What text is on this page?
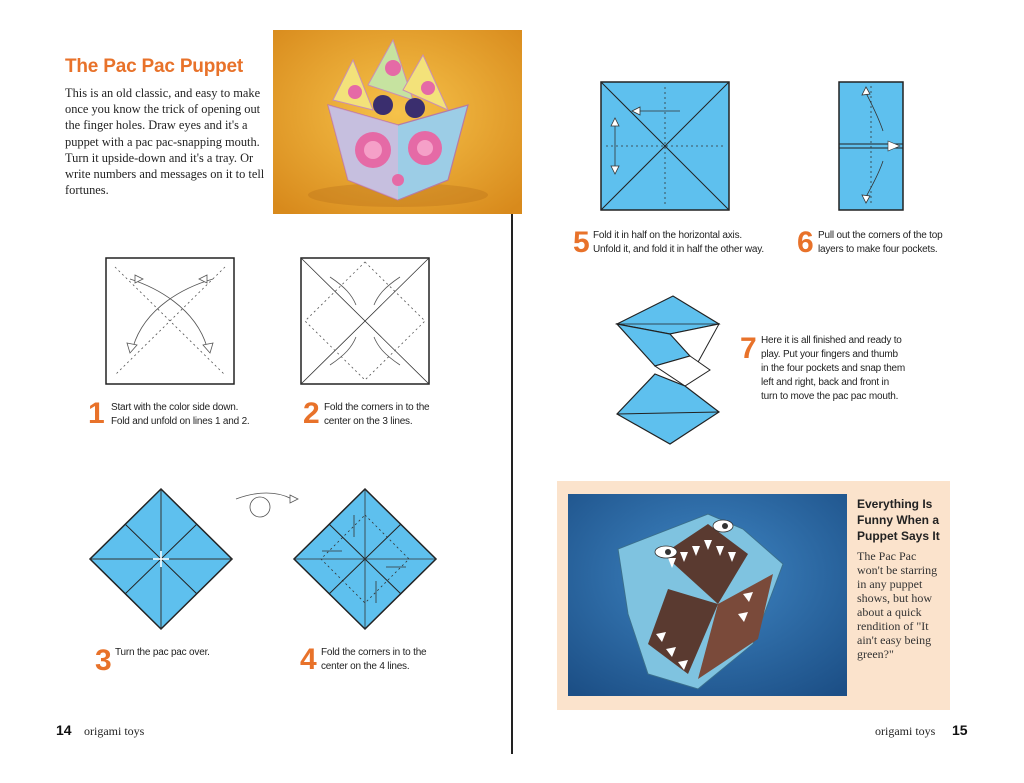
The Pac Pac Puppet
This is an old classic, and easy to make once you know the trick of opening out the finger holes. Draw eyes and it's a puppet with a pac pac-snapping mouth. Turn it upside-down and it's a tray. Or write numbers and messages on it to tell fortunes.
1 Start with the color side down.
Fold and unfold on lines 1 and 2. 2 Fold the corners in to the
center on the 3 lines.
3 Turn the pac pac over.	4 Fold the corners in to the
center on the 4 lines.
5 Fold it in half on the horizontal axis.
Unfold it, and fold it in half the other way. 6 Pull out the corners of the top
layers to make four pockets.
7 Here it is all finished and ready to
play. Put your fingers and thumb
in the four pockets and snap them
left and right, back and front in
turn to move the pac pac mouth.
Everything Is
Funny When a
Puppet Says It
The Pac Pac won't be starring in any puppet shows, but how about a quick rendition of "It ain't easy being green?"
14 origami toys	origami toys 15
